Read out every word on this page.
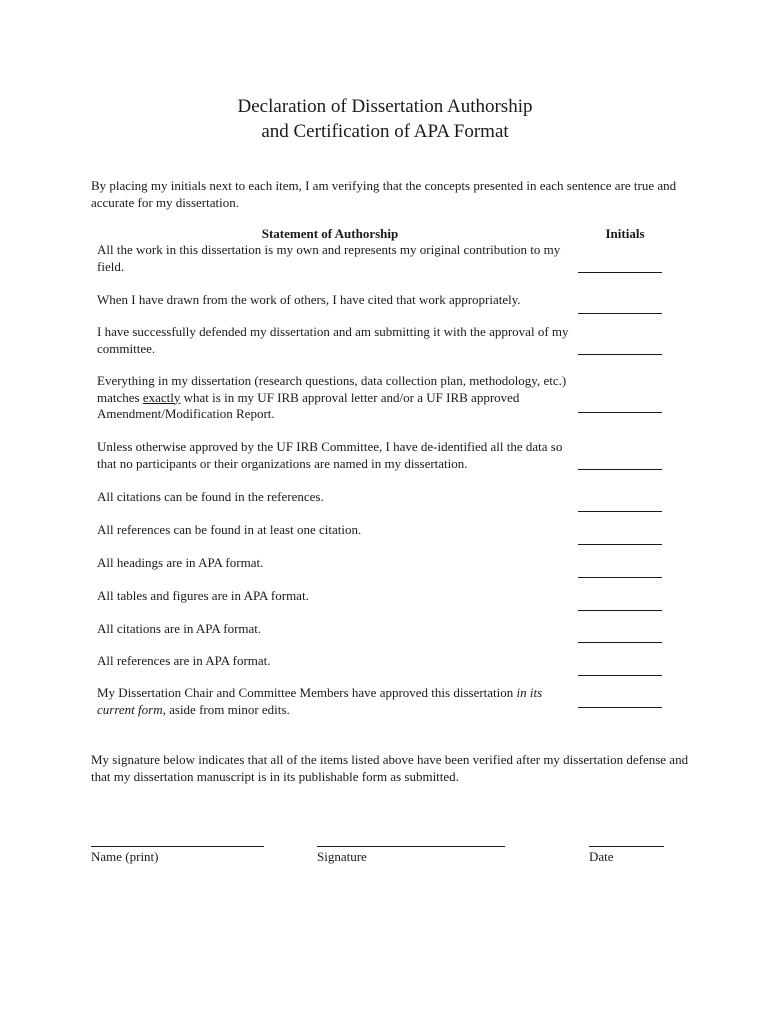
Declaration of Dissertation Authorship
and Certification of APA Format
By placing my initials next to each item, I am verifying that the concepts presented in each sentence are true and accurate for my dissertation.
Statement of Authorship	Initials
All the work in this dissertation is my own and represents my original contribution to my field.
When I have drawn from the work of others, I have cited that work appropriately.
I have successfully defended my dissertation and am submitting it with the approval of my committee.
Everything in my dissertation (research questions, data collection plan, methodology, etc.) matches exactly what is in my UF IRB approval letter and/or a UF IRB approved Amendment/Modification Report.
Unless otherwise approved by the UF IRB Committee, I have de-identified all the data so that no participants or their organizations are named in my dissertation.
All citations can be found in the references.
All references can be found in at least one citation.
All headings are in APA format.
All tables and figures are in APA format.
All citations are in APA format.
All references are in APA format.
My Dissertation Chair and Committee Members have approved this dissertation in its current form, aside from minor edits.
My signature below indicates that all of the items listed above have been verified after my dissertation defense and that my dissertation manuscript is in its publishable form as submitted.
Name (print)	Signature	Date
